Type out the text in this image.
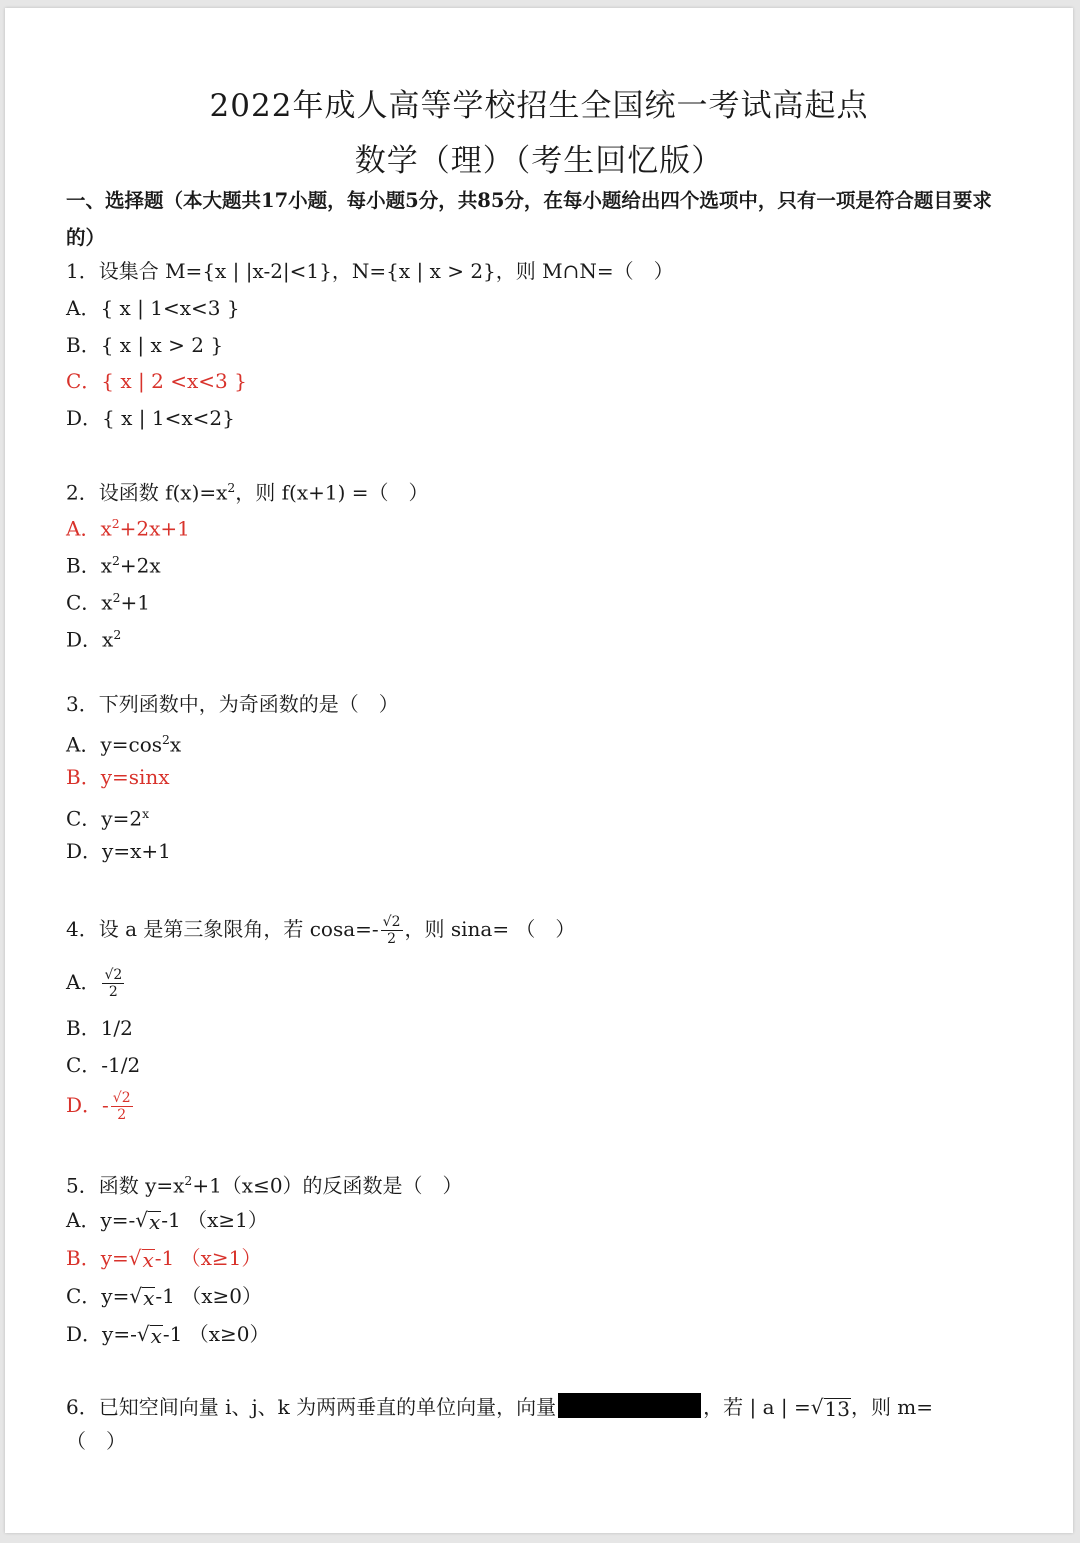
2022年成人高等学校招生全国统一考试高起点
数学（理）（考生回忆版）
一、选择题（本大题共17小题，每小题5分，共85分，在每小题给出四个选项中，只有一项是符合题目要求的）
1．设集合 M={x | |x-2|<1}，N={x | x > 2}，则 M∩N=（　）
A．{ x | 1<x<3 }
B．{ x | x > 2 }
C．{ x | 2 <x<3 }
D．{ x | 1<x<2}
2．设函数 $f(x)=x^2$，则 f(x+1) =（　）
A．$x^2+2x+1$
B．$x^2+2x$
C．$x^2+1$
D．$x^2$
3．下列函数中，为奇函数的是（　）
A．$y=\cos^2x$
B．y=sinx
C．$y=2^x$
D．y=x+1
4．设 a 是第三象限角，若 $\cos a=- \frac{√2}{2}$ ，则 sina= （　）
A． $\frac{√2}{2}$
B．1/2
C．-1/2
D．- $\frac{√2}{2}$
5．函数 $y=x^2+1(x\le 0)$的反函数是（　）
A．y=- √ x -1 （x≥1）
B．y= √ x -1 （x≥1）
C．y= √ x -1 （x≥0）
D．y=- √ x -1 （x≥0）
6．已知空间向量 i、j、k 为两两垂直的单位向量，向量	，若 | a | = √ 13 ，则 m=
（　）
